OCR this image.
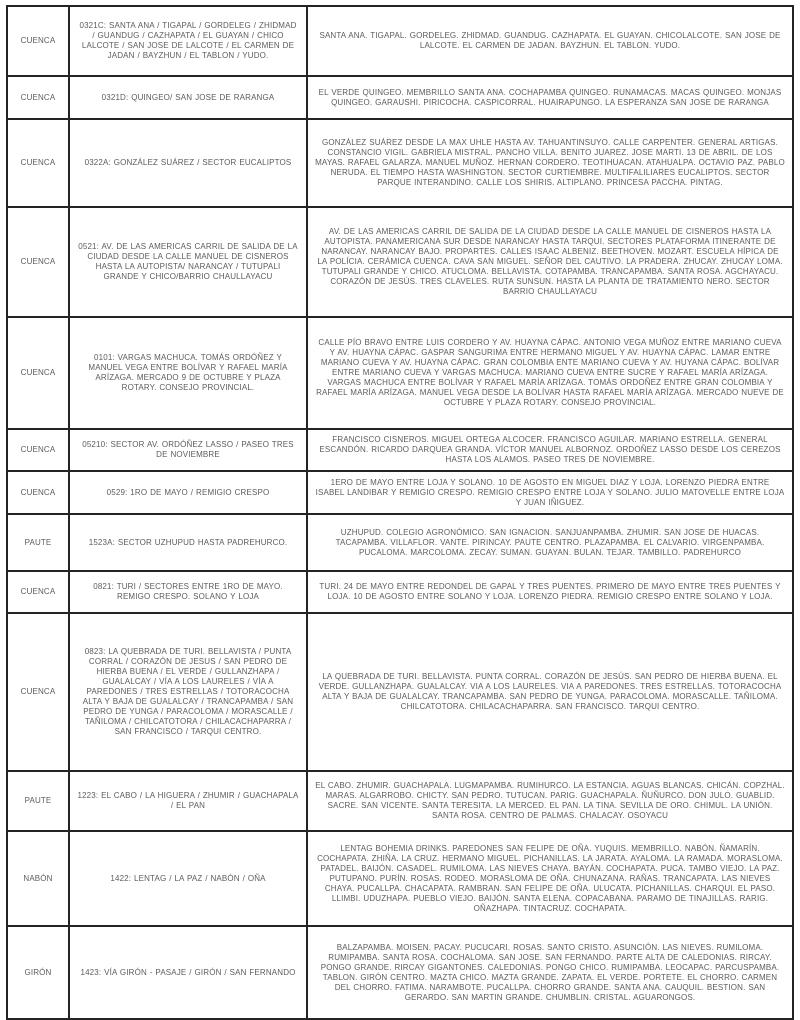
CUENCA	0321C: SANTA ANA / TIGAPAL / GORDELEG / ZHIDMAD / GUANDUG / CAZHAPATA / EL GUAYAN / CHICO LALCOTE / SAN JOSE DE LALCOTE / EL CARMEN DE JADAN / BAYZHUN / EL TABLON / YUDO.	SANTA ANA. TIGAPAL. GORDELEG. ZHIDMAD. GUANDUG. CAZHAPATA. EL GUAYAN. CHICOLALCOTE. SAN JOSE DE LALCOTE. EL CARMEN DE JADAN. BAYZHUN. EL TABLON. YUDO.
CUENCA	0321D: QUINGEO/ SAN JOSE DE RARANGA	EL VERDE QUINGEO. MEMBRILLO SANTA ANA. COCHAPAMBA QUINGEO. RUNAMACAS. MACAS QUINGEO. MONJAS QUINGEO. GARAUSHI. PIRICOCHA. CASPICORRAL. HUAIRAPUNGO. LA ESPERANZA SAN JOSE DE RARANGA
CUENCA	0322A: GONZÁLEZ SUÁREZ / SECTOR EUCALIPTOS	GONZÁLEZ SUÁREZ DESDE LA MAX UHLE HASTA AV. TAHUANTINSUYO. CALLE CARPENTER. GENERAL ARTIGAS. CONSTANCIO VIGIL. GABRIELA MISTRAL. PANCHO VILLA. BENITO JUAREZ. JOSE MARTI. 13 DE ABRIL. DE LOS MAYAS. RAFAEL GALARZA. MANUEL MUÑOZ. HERNAN CORDERO. TEOTIHUACAN. ATAHUALPA. OCTAVIO PAZ. PABLO NERUDA. EL TIEMPO HASTA WASHINGTON. SECTOR CURTIEMBRE. MULTIFALILIARES EUCALIPTOS. SECTOR PARQUE INTERANDINO. CALLE LOS SHIRIS. ALTIPLANO. PRINCESA PACCHA. PINTAG.
CUENCA	0521: AV. DE LAS AMERICAS CARRIL DE SALIDA DE LA CIUDAD DESDE LA CALLE MANUEL DE CISNEROS HASTA LA AUTOPISTA/ NARANCAY / TUTUPALI GRANDE Y CHICO/BARRIO CHAULLAYACU	AV. DE LAS AMERICAS CARRIL DE SALIDA DE LA CIUDAD DESDE LA CALLE MANUEL DE CISNEROS HASTA LA AUTOPISTA. PANAMERICANA SUR DESDE NARANCAY HASTA TARQUI. SECTORES PLATAFORMA ITINERANTE DE NARANCAY. NARANCAY BAJO. PROPARTES. CALLES ISAAC ALBENIZ. BEETHOVEN. MOZART. ESCUELA HÍPICA DE LA POLÍCIA. CERÁMICA CUENCA. CAVA SAN MIGUEL. SEÑOR DEL CAUTIVO. LA PRADERA. ZHUCAY. ZHUCAY LOMA. TUTUPALI GRANDE Y CHICO. ATUCLOMA. BELLAVISTA. COTAPAMBA. TRANCAPAMBA. SANTA ROSA. AGCHAYACU. CORAZÓN DE JESÚS. TRES CLAVELES. RUTA SUNSUN. HASTA LA PLANTA DE TRATAMIENTO NERO. SECTOR BARRIO CHAULLAYACU
CUENCA	0101: VARGAS MACHUCA. TOMÁS ORDÓÑEZ Y MANUEL VEGA ENTRE BOLÍVAR Y RAFAEL MARÍA ARÍZAGA. MERCADO 9 DE OCTUBRE Y PLAZA ROTARY. CONSEJO PROVINCIAL.	CALLE PÍO BRAVO ENTRE LUIS CORDERO Y AV. HUAYNA CÁPAC. ANTONIO VEGA MUÑOZ ENTRE MARIANO CUEVA Y AV. HUAYNA CÁPAC. GASPAR SANGURIMA ENTRE HERMANO MIGUEL Y AV. HUAYNA CÁPAC. LAMAR ENTRE MARIANO CUEVA Y AV. HUAYNA CÁPAC. GRAN COLOMBIA ENTE MARIANO CUEVA Y AV. HUYANA CÁPAC. BOLÍVAR ENTRE MARIANO CUEVA Y VARGAS MACHUCA. MARIANO CUEVA ENTRE SUCRE Y RAFAEL MARÍA ARÍZAGA. VARGAS MACHUCA ENTRE BOLÍVAR Y RAFAEL MARÍA ARÍZAGA. TOMÁS ORDOÑEZ ENTRE GRAN COLOMBIA Y RAFAEL MARÍA ARÍZAGA. MANUEL VEGA DESDE LA BOLÍVAR HASTA RAFAEL MARÍA ARÍZAGA. MERCADO NUEVE DE OCTUBRE Y PLAZA ROTARY. CONSEJO PROVINCIAL.
CUENCA	05210: SECTOR AV. ORDÓÑEZ LASSO / PASEO TRES DE NOVIEMBRE	FRANCISCO CISNEROS. MIGUEL ORTEGA ALCOCER. FRANCISCO AGUILAR. MARIANO ESTRELLA. GENERAL ESCANDÓN. RICARDO DARQUEA GRANDA. VÍCTOR MANUEL ALBORNOZ. ORDOÑEZ LASSO DESDE LOS CEREZOS HASTA LOS ALAMOS. PASEO TRES DE NOVIEMBRE.
CUENCA	0529: 1RO DE MAYO / REMIGIO CRESPO	1ERO DE MAYO ENTRE LOJA Y SOLANO. 10 DE AGOSTO EN MIGUEL DIAZ Y LOJA. LORENZO PIEDRA ENTRE ISABEL LANDIBAR Y REMIGIO CRESPO. REMIGIO CRESPO ENTRE LOJA Y SOLANO. JULIO MATOVELLE ENTRE LOJA Y JUAN IÑIGUEZ.
PAUTE	1523A: SECTOR UZHUPUD HASTA PADREHURCO.	UZHUPUD. COLEGIO AGRONÓMICO. SAN IGNACION. SANJUANPAMBA. ZHUMIR. SAN JOSE DE HUACAS. TACAPAMBA. VILLAFLOR. VANTE. PIRINCAY. PAUTE CENTRO. PLAZAPAMBA. EL CALVARIO. VIRGENPAMBA. PUCALOMA. MARCOLOMA. ZECAY. SUMAN. GUAYAN. BULAN. TEJAR. TAMBILLO. PADREHURCO
CUENCA	0821: TURI / SECTORES ENTRE 1RO DE MAYO. REMIGO CRESPO. SOLANO Y LOJA	TURI. 24 DE MAYO ENTRE REDONDEL DE GAPAL Y TRES PUENTES. PRIMERO DE MAYO ENTRE TRES PUENTES Y LOJA. 10 DE AGOSTO ENTRE SOLANO Y LOJA. LORENZO PIEDRA. REMIGIO CRESPO ENTRE SOLANO Y LOJA.
CUENCA	0823: LA QUEBRADA DE TURI. BELLAVISTA / PUNTA CORRAL / CORAZÓN DE JESUS / SAN PEDRO DE HIERBA BUENA / EL VERDE / GULLANZHAPA / GUALALCAY / VÍA A LOS LAURELES / VÍA A PAREDONES / TRES ESTRELLAS / TOTORACOCHA ALTA Y BAJA DE GUALALCAY / TRANCAPAMBA / SAN PEDRO DE YUNGA / PARACOLOMA / MORASCALLE / TAÑILOMA / CHILCATOTORA / CHILACACHAPARRA / SAN FRANCISCO / TARQUI CENTRO.	LA QUEBRADA DE TURI. BELLAVISTA. PUNTA CORRAL. CORAZÓN DE JESÚS. SAN PEDRO DE HIERBA BUENA. EL VERDE. GULLANZHAPA. GUALALCAY. VIA A LOS LAURELES. VIA A PAREDONES. TRES ESTRELLAS. TOTORACOCHA ALTA Y BAJA DE GUALALCAY. TRANCAPAMBA. SAN PEDRO DE YUNGA. PARACOLOMA. MORASCALLE. TAÑILOMA. CHILCATOTORA. CHILACACHAPARRA. SAN FRANCISCO. TARQUI CENTRO.
PAUTE	1223: EL CABO / LA HIGUERA / ZHUMIR / GUACHAPALA / EL PAN	EL CABO. ZHUMIR. GUACHAPALA. LUGMAPAMBA. RUMIHURCO. LA ESTANCIA. AGUAS BLANCAS. CHICÁN. COPZHAL. MARAS. ALGARROBO. CHICTY. SAN PEDRO. TUTUCAN. PARIG. GUACHAPALA. ÑUÑURCO. DON JULO. GUABLID. SACRE. SAN VICENTE. SANTA TERESITA. LA MERCED. EL PAN. LA TINA. SEVILLA DE ORO. CHIMUL. LA UNIÓN. SANTA ROSA. CENTRO DE PALMAS. CHALACAY. OSOYACU
NABÓN	1422: LENTAG / LA PAZ / NABÓN / OÑA	LENTAG BOHEMIA DRINKS. PAREDONES SAN FELIPE DE OÑA. YUQUIS. MEMBRILLO. NABÓN. ÑAMARÍN. COCHAPATA. ZHIÑA. LA CRUZ. HERMANO MIGUEL. PICHANILLAS. LA JARATA. AYALOMA. LA RAMADA. MORASLOMA. PATADEL. BAIJÓN. CASADEL. RUMILOMA. LAS NIEVES CHAYA. BAYÁN. COCHAPATA. PUCA. TAMBO VIEJO. LA PAZ. PUTUPANO. PURÍN. ROSAS. RODEO. MORASLOMA DE OÑA. CHUNAZANA. RAÑAS. TRANCAPATA. LAS NIEVES CHAYA. PUCALLPA. CHACAPATA. RAMBRAN. SAN FELIPE DE OÑA. ULUCATA. PICHANILLAS. CHARQUI. EL PASO. LLIMBI. UDUZHAPA. PUEBLO VIEJO. BAIJÓN. SANTA ELENA. COPACABANA. PARAMO DE TINAJILLAS. RARIG. OÑAZHAPA. TINTACRUZ. COCHAPATA.
GIRÓN	1423: VÍA GIRÓN - PASAJE / GIRÓN / SAN FERNANDO	BALZAPAMBA. MOISEN. PACAY. PUCUCARI. ROSAS. SANTO CRISTO. ASUNCIÓN. LAS NIEVES. RUMILOMA. RUMIPAMBA. SANTA ROSA. COCHALOMA. SAN JOSE. SAN FERNANDO. PARTE ALTA DE CALEDONIAS. RIRCAY. PONGO GRANDE. RIRCAY GIGANTONES. CALEDONIAS. PONGO CHICO. RUMIPAMBA. LEOCAPAC. PARCUSPAMBA. TABLON. GIRÓN CENTRO. MAZTA CHICO. MAZTA GRANDE. ZAPATA. EL VERDE. PORTETE. EL CHORRO. CARMEN DEL CHORRO. FATIMA. NARAMBOTE. PUCALLPA. CHORRO GRANDE. SANTA ANA. CAUQUIL. BESTION. SAN GERARDO. SAN MARTIN GRANDE. CHUMBLIN. CRISTAL. AGUARONGOS.
